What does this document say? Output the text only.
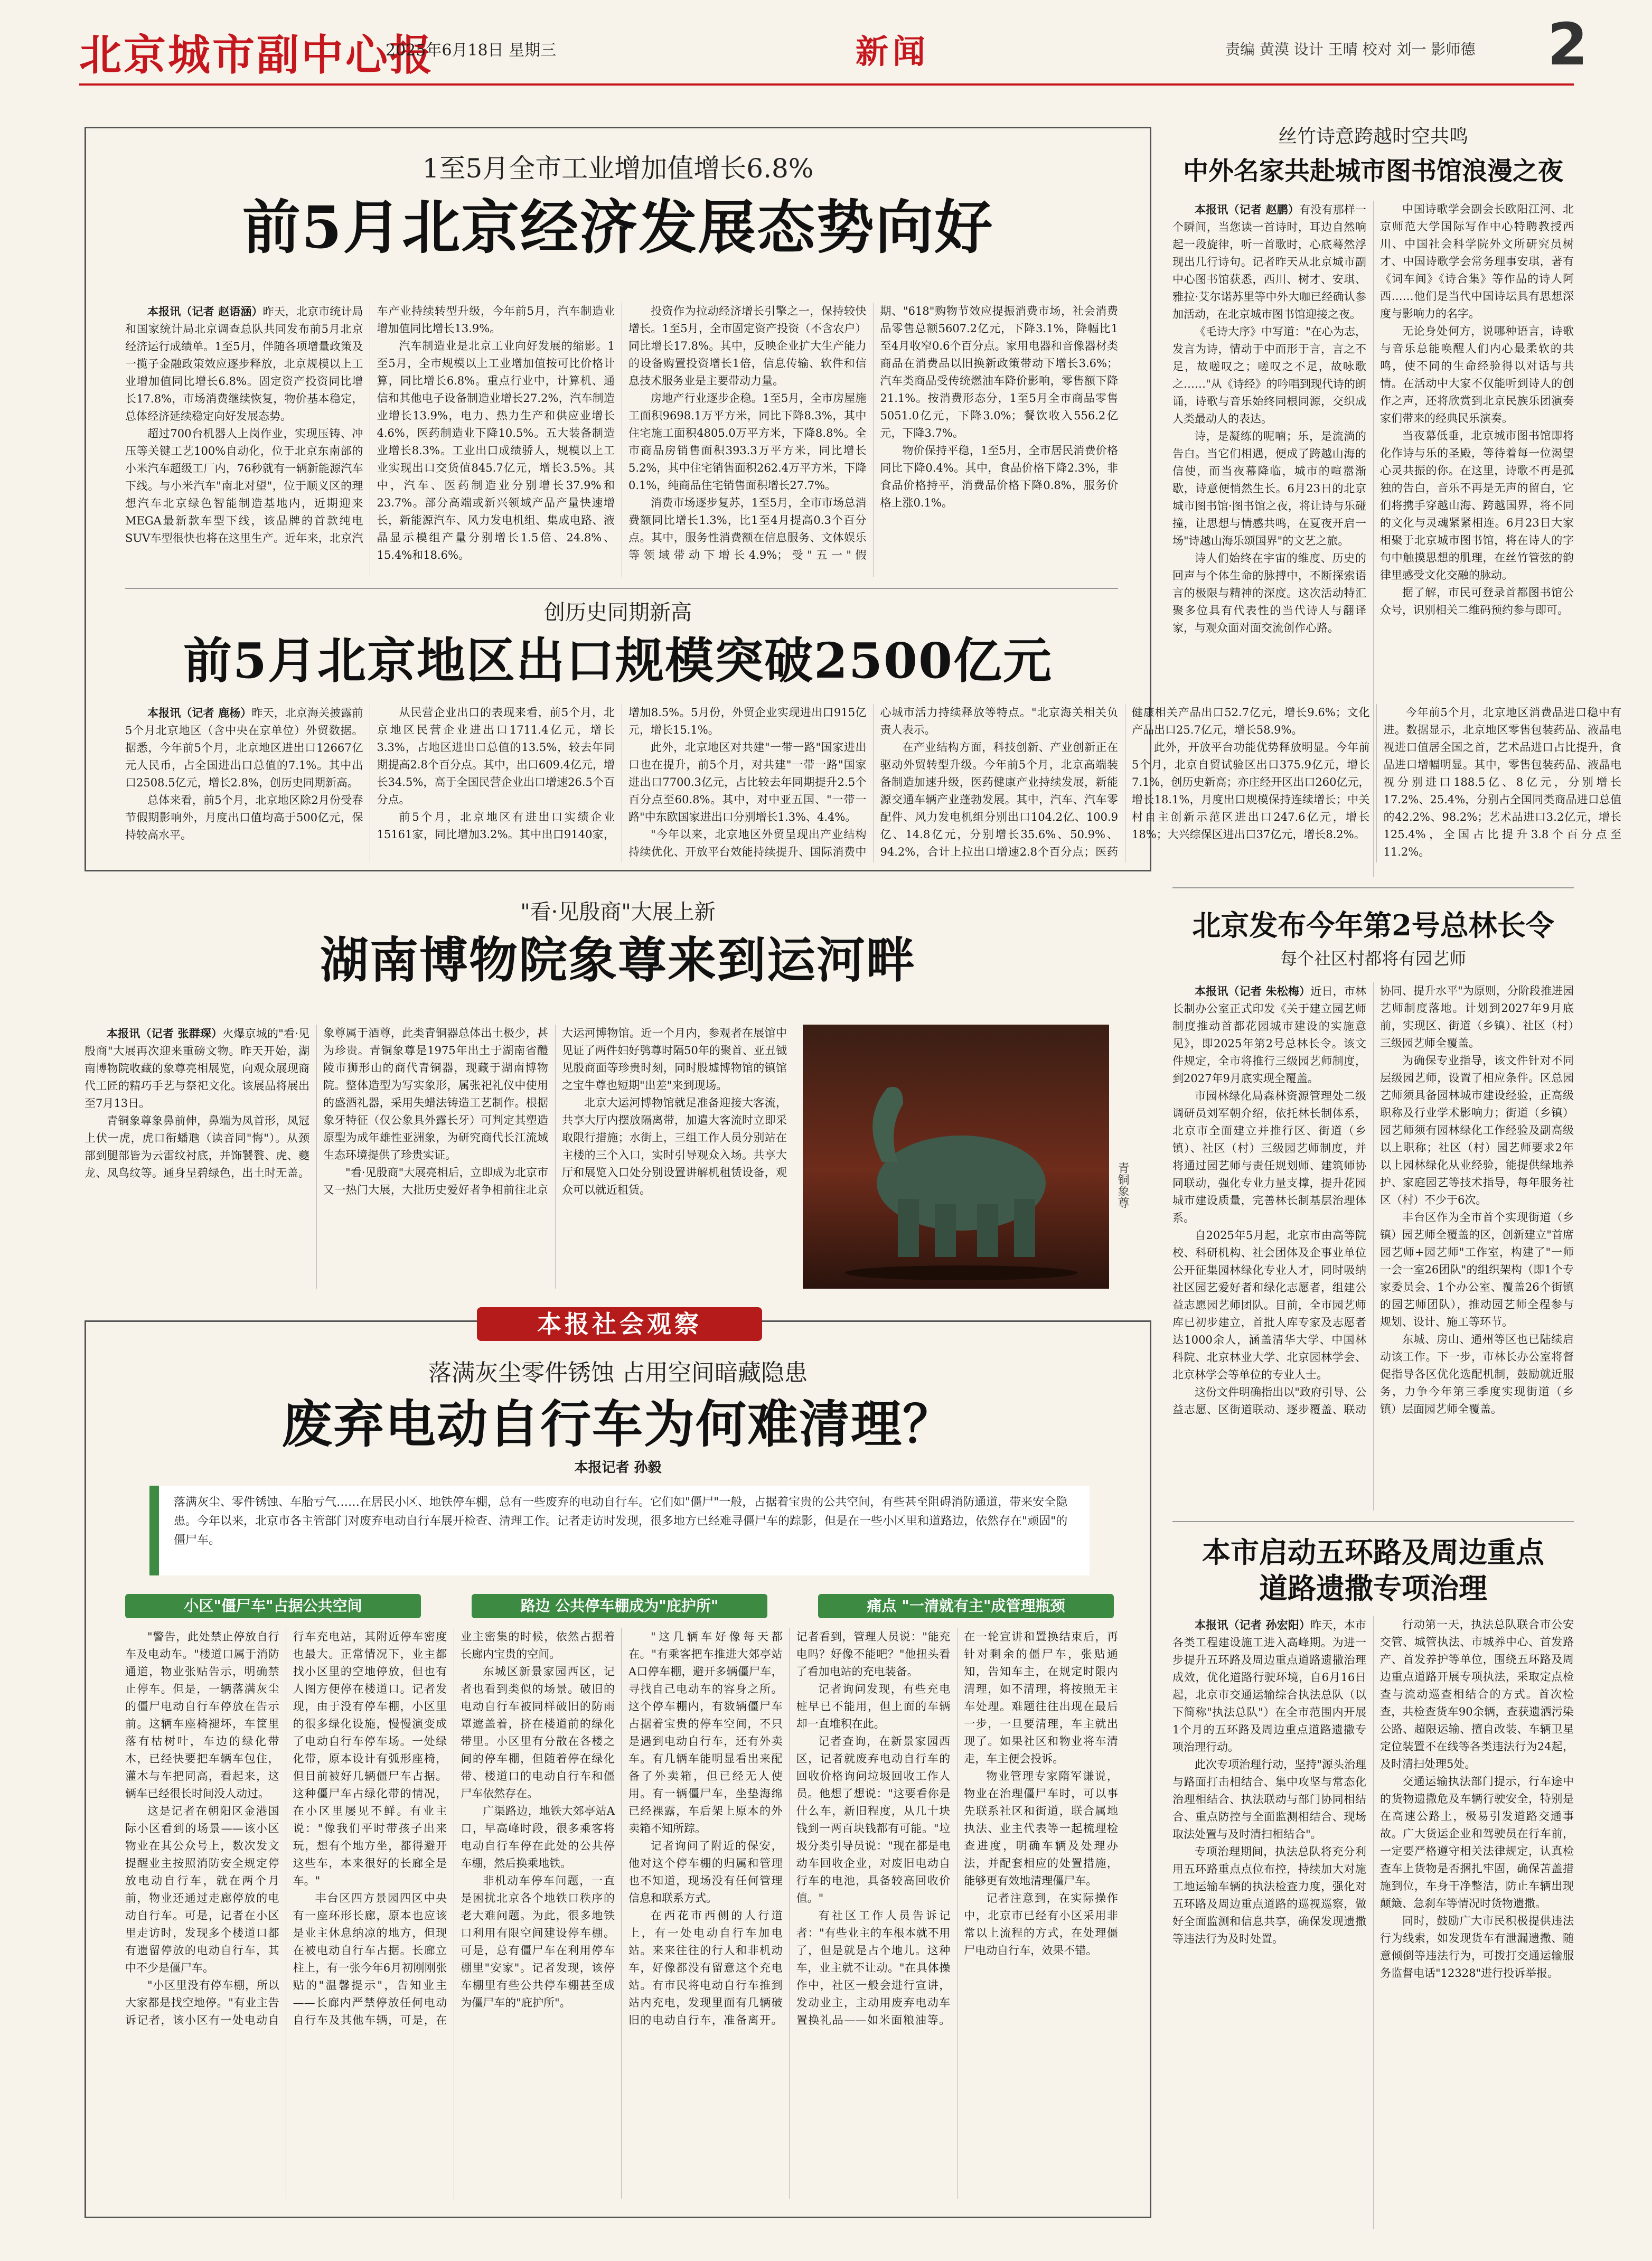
北京城市副中心报
2025年6月18日 星期三	新闻	责编 黄漠 设计 王晴 校对 刘一 影师德 2
1至5月全市工业增加值增长6.8%
前5月北京经济发展态势向好

本报讯（记者 赵语涵）昨天，北京市统计局和国家统计局北京调查总队共同发布前5月北京经济运行成绩单。1至5月，伴随各项增量政策及一揽子金融政策效应逐步释放，北京规模以上工业增加值同比增长6.8%。固定资产投资同比增长17.8%，市场消费继续恢复，物价基本稳定，总体经济延续稳定向好发展态势。

超过700台机器人上岗作业，实现压铸、冲压等关键工艺100%自动化，位于北京东南部的小米汽车超级工厂内，76秒就有一辆新能源汽车下线。与小米汽车"南北对望"，位于顺义区的理想汽车北京绿色智能制造基地内，近期迎来MEGA最新款车型下线，该品牌的首款纯电SUV车型很快也将在这里生产。近年来，北京汽车产业持续转型升级，今年前5月，汽车制造业增加值同比增长13.9%。

汽车制造业是北京工业向好发展的缩影。1至5月，全市规模以上工业增加值按可比价格计算，同比增长6.8%。重点行业中，计算机、通信和其他电子设备制造业增长27.2%，汽车制造业增长13.9%，电力、热力生产和供应业增长4.6%，医药制造业下降10.5%。五大装备制造业增长8.3%。工业出口成绩骄人，规模以上工业实现出口交货值845.7亿元，增长3.5%。其中，汽车、医药制造业分别增长37.9%和23.7%。部分高端或新兴领域产品产量快速增长，新能源汽车、风力发电机组、集成电路、液晶显示模组产量分别增长1.5倍、24.8%、15.4%和18.6%。

投资作为拉动经济增长引擎之一，保持较快增长。1至5月，全市固定资产投资（不含农户）同比增长17.8%。其中，反映企业扩大生产能力的设备购置投资增长1倍，信息传输、软件和信息技术服务业是主要带动力量。

房地产行业逐步企稳。1至5月，全市房屋施工面积9698.1万平方米，同比下降8.3%，其中住宅施工面积4805.0万平方米，下降8.8%。全市商品房销售面积393.3万平方米，同比增长5.2%，其中住宅销售面积262.4万平方米，下降0.1%，纯商品住宅销售面积增长27.7%。

消费市场逐步复苏，1至5月，全市市场总消费额同比增长1.3%，比1至4月提高0.3个百分点。其中，服务性消费额在信息服务、文体娱乐等领域带动下增长4.9%；受"五一"假期、"618"购物节效应提振消费市场，社会消费品零售总额5607.2亿元，下降3.1%，降幅比1至4月收窄0.6个百分点。家用电器和音像器材类商品在消费品以旧换新政策带动下增长3.6%；汽车类商品受传统燃油车降价影响，零售额下降21.1%。按消费形态分，1至5月全市商品零售5051.0亿元，下降3.0%；餐饮收入556.2亿元，下降3.7%。

物价保持平稳，1至5月，全市居民消费价格同比下降0.4%。其中，食品价格下降2.3%，非食品价格持平，消费品价格下降0.8%，服务价格上涨0.1%。

创历史同期新高
前5月北京地区出口规模突破2500亿元

本报讯（记者 鹿杨）昨天，北京海关披露前5个月北京地区（含中央在京单位）外贸数据。据悉，今年前5个月，北京地区进出口12667亿元人民币，占全国进出口总值的7.1%。其中出口2508.5亿元，增长2.8%，创历史同期新高。

总体来看，前5个月，北京地区除2月份受春节假期影响外，月度出口值均高于500亿元，保持较高水平。

从民营企业出口的表现来看，前5个月，北京地区民营企业进出口1711.4亿元，增长3.3%，占地区进出口总值的13.5%，较去年同期提高2.8个百分点。其中，出口609.4亿元，增长34.5%，高于全国民营企业出口增速26.5个百分点。

前5个月，北京地区有进出口实绩企业15161家，同比增加3.2%。其中出口9140家，增加8.5%。5月份，外贸企业实现进出口915亿元，增长15.1%。

此外，北京地区对共建"一带一路"国家进出口也在提升，前5个月，对共建"一带一路"国家进出口7700.3亿元，占比较去年同期提升2.5个百分点至60.8%。其中，对中亚五国、"一带一路"中东欧国家进出口分别增长1.3%、4.4%。

"今年以来，北京地区外贸呈现出产业结构持续优化、开放平台效能持续提升、国际消费中心城市活力持续释放等特点。"北京海关相关负责人表示。

在产业结构方面，科技创新、产业创新正在驱动外贸转型升级。今年前5个月，北京高端装备制造加速升级，医药健康产业持续发展，新能源交通车辆产业蓬勃发展。其中，汽车、汽车零配件、风力发电机组分别出口104.2亿、100.9亿、14.8亿元，分别增长35.6%、50.9%、94.2%，合计上拉出口增速2.8个百分点；医药健康相关产品出口52.7亿元，增长9.6%；文化产品出口25.7亿元，增长58.9%。

此外，开放平台功能优势释放明显。今年前5个月，北京自贸试验区出口375.9亿元，增长7.1%，创历史新高；亦庄经开区出口260亿元，增长18.1%，月度出口规模保持连续增长；中关村自主创新示范区进出口247.6亿元，增长18%；大兴综保区进出口37亿元，增长8.2%。

今年前5个月，北京地区消费品进口稳中有进。数据显示，北京地区零售包装药品、液晶电视进口值居全国之首，艺术品进口占比提升，食品进口增幅明显。其中，零售包装药品、液晶电视分别进口188.5亿、8亿元，分别增长17.2%、25.4%，分别占全国同类商品进口总值的42.2%、98.2%；艺术品进口3.2亿元，增长125.4%，全国占比提升3.8个百分点至11.2%。

"看·见殷商"大展上新
湖南博物院象尊来到运河畔

本报讯（记者 张群琛）火爆京城的"看·见殷商"大展再次迎来重磅文物。昨天开始，湖南博物院收藏的象尊亮相展览，向观众展现商代工匠的精巧手艺与祭祀文化。该展品将展出至7月13日。

青铜象尊象鼻前伸，鼻端为凤首形，凤冠上伏一虎，虎口衔蟠虺（读音同"悔"）。从颈部到腿部皆为云雷纹衬底，并饰饕餮、虎、夔龙、凤鸟纹等。通身呈碧绿色，出土时无盖。象尊属于酒尊，此类青铜器总体出土极少，甚为珍贵。青铜象尊是1975年出土于湖南省醴陵市狮形山的商代青铜器，现藏于湖南博物院。整体造型为写实象形，属张祀礼仪中使用的盛酒礼器，采用失蜡法铸造工艺制作。根据象牙特征（仅公象具外露长牙）可判定其塑造原型为成年雄性亚洲象，为研究商代长江流域生态环境提供了珍贵实证。

"看·见殷商"大展亮相后，立即成为北京市又一热门大展，大批历史爱好者争相前往北京大运河博物馆。近一个月内，参观者在展馆中见证了两件妇好鸮尊时隔50年的聚首、亚丑钺见殷商面等珍贵时刻，同时股墟博物馆的镇馆之宝牛尊也短期"出差"来到现场。

北京大运河博物馆就足准备迎接大客流，共享大厅内摆放隔离带，加遣大客流时立即采取限行措施；水街上，三组工作人员分别站在主楼的三个入口，实时引导观众入场。共享大厅和展览入口处分别设置讲解机租赁设备，观众可以就近租赁。	青铜象尊
本报社会观察
落满灰尘零件锈蚀 占用空间暗藏隐患
废弃电动自行车为何难清理？
本报记者 孙毅
落满灰尘、零件锈蚀、车胎亏气……在居民小区、地铁停车棚，总有一些废弃的电动自行车。它们如"僵尸"一般，占据着宝贵的公共空间，有些甚至阻碍消防通道，带来安全隐患。今年以来，北京市各主管部门对废弃电动自行车展开检查、清理工作。记者走访时发现，很多地方已经难寻僵尸车的踪影，但是在一些小区里和道路边，依然存在"顽固"的僵尸车。
小区"僵尸车"占据公共空间	路边 公共停车棚成为"庇护所"	痛点 "一清就有主"成管理瓶颈

"警告，此处禁止停放自行车及电动车。"楼道口属于消防通道，物业张贴告示，明确禁止停车。但是，一辆落满灰尘的僵尸电动自行车停放在告示前。这辆车座椅褪坏，车筐里落有枯树叶，车边的绿化带木，已经快要把车辆车包住，灌木与车把同高，看起来，这辆车已经很长时间没人动过。

这是记者在朝阳区金港国际小区看到的场景——该小区物业在其公众号上，数次发文提醒业主按照消防安全规定停放电动自行车，就在两个月前，物业还通过走廊停放的电动自行车。可是，记者在小区里走访时，发现多个楼道口都有遗留停放的电动自行车，其中不少是僵尸车。

"小区里没有停车棚，所以大家都是找空地停。"有业主告诉记者，该小区有一处电动自行车充电站，其附近停车密度也最大。正常情况下，业主都找小区里的空地停放，但也有人图方便停在楼道口。记者发现，由于没有停车棚，小区里的很多绿化设施，慢慢演变成了电动自行车停车场。一处绿化带，原本设计有弧形座椅，但目前被好几辆僵尸车占据。这种僵尸车占绿化带的情况，在小区里屡见不鲜。有业主说："像我们平时带孩子出来玩，想有个地方坐，都得避开这些车，本来很好的长廊全是车。"

丰台区四方景园四区中央有一座环形长廊，原本也应该是业主休息纳凉的地方，但现在被电动自行车占据。长廊立柱上，有一张今年6月初刚刚张贴的"温馨提示"，告知业主——长廊内严禁停放任何电动自行车及其他车辆，可是，在业主密集的时候，依然占据着长廊内宝贵的空间。

东城区新景家园西区，记者也看到类似的场景。破旧的电动自行车被同样破旧的防雨罩遮盖着，挤在楼道前的绿化带里。小区里有分散在各楼之间的停车棚，但随着停在绿化带、楼道口的电动自行车和僵尸车依然存在。

广渠路边，地铁大郊亭站A口，早高峰时段，很多乘客将电动自行车停在此处的公共停车棚，然后换乘地铁。

非机动车停车问题，一直是困扰北京各个地铁口秩序的老大难问题。为此，很多地铁口利用有限空间建设停车棚。可是，总有僵尸车在利用停车棚里"安家"。记者发现，该停车棚里有些公共停车棚甚至成为僵尸车的"庇护所"。

"这几辆车好像每天都在。"有乘客把车推进大郊亭站A口停车棚，避开多辆僵尸车，寻找自己电动车的容身之所。这个停车棚内，有数辆僵尸车占据着宝贵的停车空间，不只是遇到电动自行车，还有外卖车。有几辆车能明显看出来配备了外卖箱，但已经无人使用。有一辆僵尸车，坐垫海绵已经裸露，车后架上原本的外卖箱不知所踪。

记者询问了附近的保安，他对这个停车棚的归属和管理也不知道，现场没有任何管理信息和联系方式。

在西花市西侧的人行道上，有一处电动自行车加电站。来来往往的行人和非机动车，好像都没有留意这个充电站。有市民将电动自行车推到站内充电，发现里面有几辆破旧的电动自行车，准备离开。记者看到，管理人员说："能充电吗？好像不能吧？"他扭头看了看加电站的充电装备。

记者询问发现，有些充电桩早已不能用，但上面的车辆却一直堆积在此。

记者查询，在新景家园西区，记者就废弃电动自行车的回收价格询问垃圾回收工作人员。他想了想说："这要看你是什么车，新旧程度，从几十块钱到一两百块钱都有可能。"垃圾分类引导员说："现在都是电动车回收企业，对废旧电动自行车的电池，具备较高回收价值。"

有社区工作人员告诉记者："有些业主的车根本就不用了，但是就是占个地儿。这种车，业主就不让动。"在具体操作中，社区一般会进行宣讲，发动业主，主动用废弃电动车置换礼品——如米面粮油等。在一轮宣讲和置换结束后，再针对剩余的僵尸车，张贴通知，告知车主，在规定时限内清理，如不清理，将按照无主车处理。难题往往出现在最后一步，一旦要清理，车主就出现了。如果社区和物业将车清走，车主便会投诉。

物业管理专家隋军谦说，物业在治理僵尸车时，可以事先联系社区和街道，联合属地执法、业主代表等一起梳理检查进度，明确车辆及处理办法，并配套相应的处置措施，能够更有效地清理僵尸车。

记者注意到，在实际操作中，北京市已经有小区采用非常以上流程的方式，在处理僵尸电动自行车，效果不错。

丝竹诗意跨越时空共鸣
中外名家共赴城市图书馆浪漫之夜

本报讯（记者 赵鹏）有没有那样一个瞬间，当您读一首诗时，耳边自然响起一段旋律，听一首歌时，心底蓦然浮现出几行诗句。记者昨天从北京城市副中心图书馆获悉，西川、树才、安琪、雅拉·艾尔诺苏里等中外大咖已经确认参加活动，在北京城市图书馆迎接之夜。

《毛诗大序》中写道："在心为志，发言为诗，情动于中而形于言，言之不足，故嗟叹之；嗟叹之不足，故咏歌之……"从《诗经》的吟唱到现代诗的朗诵，诗歌与音乐始终同根同源，交织成人类最动人的表达。

诗，是凝练的呢喃；乐，是流淌的告白。当它们相遇，便成了跨越山海的信使，而当夜幕降临，城市的喧嚣渐歇，诗意便悄然生长。6月23日的北京城市图书馆·图书馆之夜，将让诗与乐碰撞，让思想与情感共鸣，在夏夜开启一场"诗越山海乐颂国界"的文艺之旅。

诗人们始终在宇宙的维度、历史的回声与个体生命的脉搏中，不断探索语言的极限与精神的深度。这次活动特汇聚多位具有代表性的当代诗人与翻译家，与观众面对面交流创作心路。

中国诗歌学会副会长欧阳江河、北京师范大学国际写作中心特聘教授西川、中国社会科学院外文所研究员树才、中国诗歌学会常务理事安琪，著有《词车间》《诗合集》等作品的诗人阿西……他们是当代中国诗坛具有思想深度与影响力的名字。

无论身处何方，说哪种语言，诗歌与音乐总能唤醒人们内心最柔软的共鸣，使不同的生命经验得以对话与共情。在活动中大家不仅能听到诗人的创作之声，还将欣赏到北京民族乐团演奏家们带来的经典民乐演奏。

当夜幕低垂，北京城市图书馆即将化作诗与乐的圣殿，等待着每一位渴望心灵共振的你。在这里，诗歌不再是孤独的告白，音乐不再是无声的留白，它们将携手穿越山海、跨越国界，将不同的文化与灵魂紧紧相连。6月23日大家相聚于北京城市图书馆，将在诗人的字句中触摸思想的肌理，在丝竹管弦的韵律里感受文化交融的脉动。

据了解，市民可登录首都图书馆公众号，识别相关二维码预约参与即可。

北京发布今年第2号总林长令
每个社区村都将有园艺师

本报讯（记者 朱松梅）近日，市林长制办公室正式印发《关于建立园艺师制度推动首都花园城市建设的实施意见》，即2025年第2号总林长令。该文件规定，全市将推行三级园艺师制度，到2027年9月底实现全覆盖。

市园林绿化局森林资源管理处二级调研员刘军朝介绍，依托林长制体系，北京市全面建立并推行区、街道（乡镇）、社区（村）三级园艺师制度，并将通过园艺师与责任规划师、建筑师协同联动，强化专业力量支撑，提升花园城市建设质量，完善林长制基层治理体系。

自2025年5月起，北京市由高等院校、科研机构、社会团体及企事业单位公开征集园林绿化专业人才，同时吸纳社区园艺爱好者和绿化志愿者，组建公益志愿园艺师团队。目前，全市园艺师库已初步建立，首批人库专家及志愿者达1000余人，涵盖清华大学、中国林科院、北京林业大学、北京园林学会、北京林学会等单位的专业人士。

这份文件明确指出以"政府引导、公益志愿、区街道联动、逐步覆盖、联动协同、提升水平"为原则，分阶段推进园艺师制度落地。计划到2027年9月底前，实现区、街道（乡镇）、社区（村）三级园艺师全覆盖。

为确保专业指导，该文件针对不同层级园艺师，设置了相应条件。区总园艺师须具备园林城市建设经验，正高级职称及行业学术影响力；街道（乡镇）园艺师须有园林绿化工作经验及副高级以上职称；社区（村）园艺师要求2年以上园林绿化从业经验，能提供绿地养护、家庭园艺等技术指导，每年服务社区（村）不少于6次。

丰台区作为全市首个实现街道（乡镇）园艺师全覆盖的区，创新建立"首席园艺师+园艺师"工作室，构建了"一师一会一室26团队"的组织架构（即1个专家委员会、1个办公室、覆盖26个街镇的园艺师团队），推动园艺师全程参与规划、设计、施工等环节。

东城、房山、通州等区也已陆续启动该工作。下一步，市林长办公室将督促指导各区优化选配机制，鼓励就近服务，力争今年第三季度实现街道（乡镇）层面园艺师全覆盖。

本市启动五环路及周边重点道路遗撒专项治理

本报讯（记者 孙宏阳）昨天，本市各类工程建设施工进入高峰期。为进一步提升五环路及周边重点道路遗撒治理成效，优化道路行驶环境，自6月16日起，北京市交通运输综合执法总队（以下简称"执法总队"）在全市范围内开展1个月的五环路及周边重点道路遗撒专项治理行动。

此次专项治理行动，坚持"源头治理与路面打击相结合、集中攻坚与常态化治理相结合、执法联动与部门协同相结合、重点防控与全面监测相结合、现场取法处置与及时清扫相结合"。

专项治理期间，执法总队将充分利用五环路重点点位布控，持续加大对施工地运输车辆的执法检查力度，强化对五环路及周边重点道路的巡视巡察，做好全面监测和信息共享，确保发现遗撒等违法行为及时处置。

行动第一天，执法总队联合市公安交管、城管执法、市城养中心、首发路产、首发养护等单位，围绕五环路及周边重点道路开展专项执法，采取定点检查与流动巡查相结合的方式。首次检查，共检查货车90余辆，查获遗洒污染公路、超限运输、擅自改装、车辆卫星定位装置不在线等各类违法行为24起，及时清扫处理5处。

交通运输执法部门提示，行车途中的货物遗撒危及车辆行驶安全，特别是在高速公路上，极易引发道路交通事故。广大货运企业和驾驶员在行车前，一定要严格遵守相关法律规定，认真检查车上货物是否捆扎牢固，确保苫盖措施到位，车身干净整洁，防止车辆出现颠簸、急刹车等情况时货物遗撒。

同时，鼓励广大市民积极提供违法行为线索，如发现货车有泄漏遗撒、随意倾倒等违法行为，可拨打交通运输服务监督电话"12328"进行投诉举报。
